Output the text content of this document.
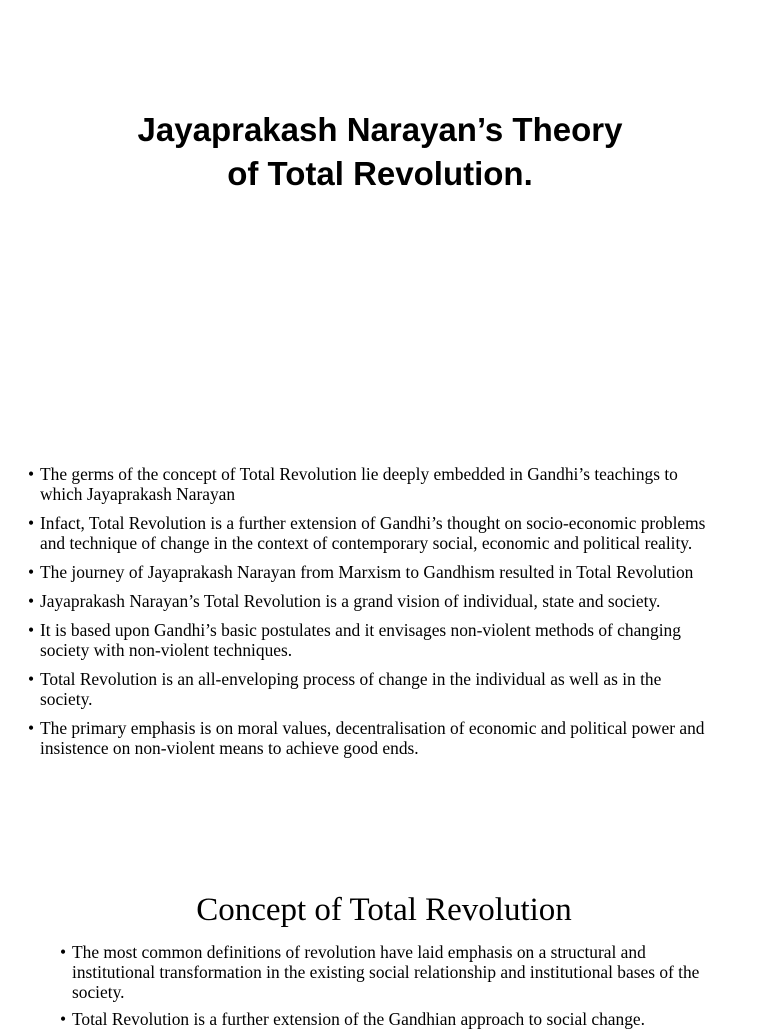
Jayaprakash Narayan’s Theory
of Total Revolution.
• The germs of the concept of Total Revolution lie deeply embedded in Gandhi’s teachings to which Jayaprakash Narayan
• Infact, Total Revolution is a further extension of Gandhi’s thought on socio-economic problems and technique of change in the context of contemporary social, economic and political reality.
• The journey of Jayaprakash Narayan from Marxism to Gandhism resulted in Total Revolution
• Jayaprakash Narayan’s Total Revolution is a grand vision of individual, state and society.
• It is based upon Gandhi’s basic postulates and it envisages non-violent methods of changing society with non-violent techniques.
• Total Revolution is an all-enveloping process of change in the individual as well as in the society.
• The primary emphasis is on moral values, decentralisation of economic and political power and insistence on non-violent means to achieve good ends.
Concept of Total Revolution
• The most common definitions of revolution have laid emphasis on a structural and institutional transformation in the existing social relationship and institutional bases of the society.
• Total Revolution is a further extension of the Gandhian approach to social change.
